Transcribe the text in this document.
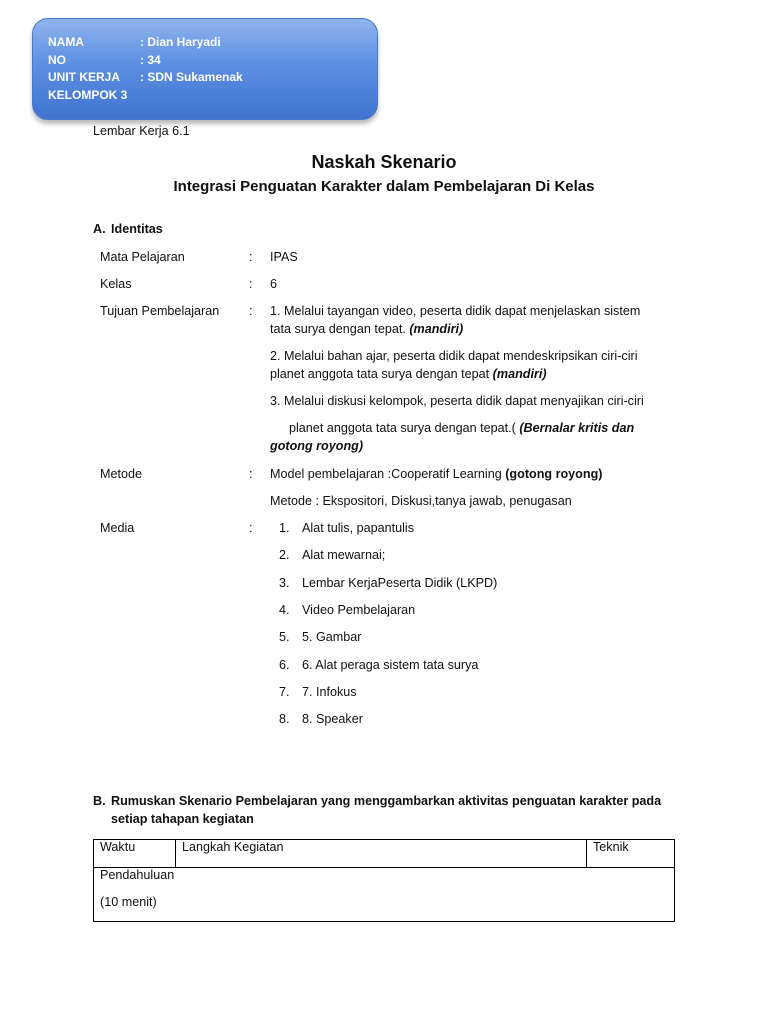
NAMA	: Dian Haryadi
NO	: 34
UNIT KERJA : SDN Sukamenak
KELOMPOK 3
Lembar Kerja 6.1
Naskah Skenario
Integrasi Penguatan Karakter dalam Pembelajaran Di Kelas
A. Identitas
Mata Pelajaran	: IPAS
Kelas	: 6
Tujuan Pembelajaran : 1. Melalui tayangan video, peserta didik dapat menjelaskan sistem
tata surya dengan tepat. (mandiri)
2. Melalui bahan ajar, peserta didik dapat mendeskripsikan ciri-ciri
planet anggota tata surya dengan tepat (mandiri)
3. Melalui diskusi kelompok, peserta didik dapat menyajikan ciri-ciri
planet anggota tata surya dengan tepat.( (Bernalar kritis dan
gotong royong)
Metode	: Model pembelajaran :Cooperatif Learning (gotong royong)
Metode : Ekspositori, Diskusi,tanya jawab, penugasan
Media	: 1. Alat tulis, papantulis
2. Alat mewarnai;
3. Lembar KerjaPeserta Didik (LKPD)
4. Video Pembelajaran
5. 5. Gambar
6. 6. Alat peraga sistem tata surya
7. 7. Infokus
8. 8. Speaker
B. Rumuskan Skenario Pembelajaran yang menggambarkan aktivitas penguatan karakter pada
setiap tahapan kegiatan
Waktu	Langkah Kegiatan	Teknik
Pendahuluan
(10 menit)
